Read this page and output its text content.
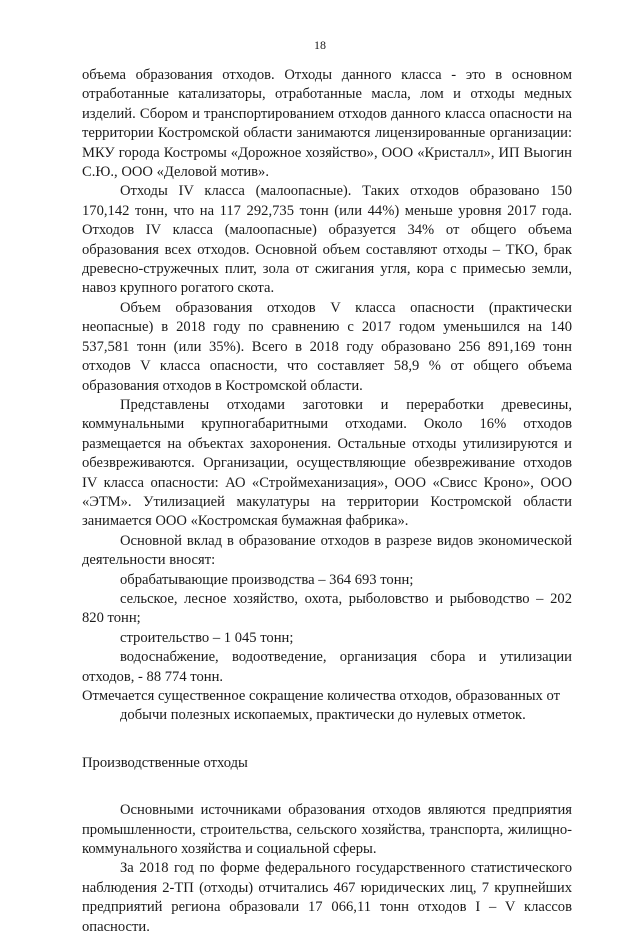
18

объема образования отходов. Отходы данного класса - это в основном отработанные катализаторы, отработанные масла, лом и отходы медных изделий. Сбором и транспортированием отходов данного класса опасности на территории Костромской области занимаются лицензированные организации: МКУ города Костромы «Дорожное хозяйство», ООО «Кристалл», ИП Выогин С.Ю., ООО «Деловой мотив».

Отходы IV класса (малоопасные). Таких отходов образовано 150 170,142 тонн, что на 117 292,735 тонн (или 44%) меньше уровня 2017 года. Отходов IV класса (малоопасные) образуется 34% от общего объема образования всех отходов. Основной объем составляют отходы – ТКО, брак древесно-стружечных плит, зола от сжигания угля, кора с примесью земли, навоз крупного рогатого скота.

Объем образования отходов V класса опасности (практически неопасные) в 2018 году по сравнению с 2017 годом уменьшился на 140 537,581 тонн (или 35%). Всего в 2018 году образовано 256 891,169 тонн отходов V класса опасности, что составляет 58,9 % от общего объема образования отходов в Костромской области.

Представлены отходами заготовки и переработки древесины, коммунальными крупногабаритными отходами. Около 16% отходов размещается на объектах захоронения. Остальные отходы утилизируются и обезвреживаются. Организации, осуществляющие обезвреживание отходов IV класса опасности: АО «Строймеханизация», ООО «Свисс Кроно», ООО «ЭТМ». Утилизацией макулатуры на территории Костромской области занимается ООО «Костромская бумажная фабрика».

Основной вклад в образование отходов в разрезе видов экономической деятельности вносят:

обрабатывающие производства – 364 693 тонн;

сельское, лесное хозяйство, охота, рыболовство и рыбоводство – 202 820 тонн;

строительство – 1 045 тонн;

водоснабжение, водоотведение, организация сбора и утилизации отходов, - 88 774 тонн.

Отмечается существенное сокращение количества отходов, образованных от добычи полезных ископаемых, практически до нулевых отметок.

Производственные отходы

Основными источниками образования отходов являются предприятия промышленности, строительства, сельского хозяйства, транспорта, жилищно-коммунального хозяйства и социальной сферы.

За 2018 год по форме федерального государственного статистического наблюдения 2-ТП (отходы) отчитались 467 юридических лиц, 7 крупнейших предприятий региона образовали 17 066,11 тонн отходов I – V классов опасности.
